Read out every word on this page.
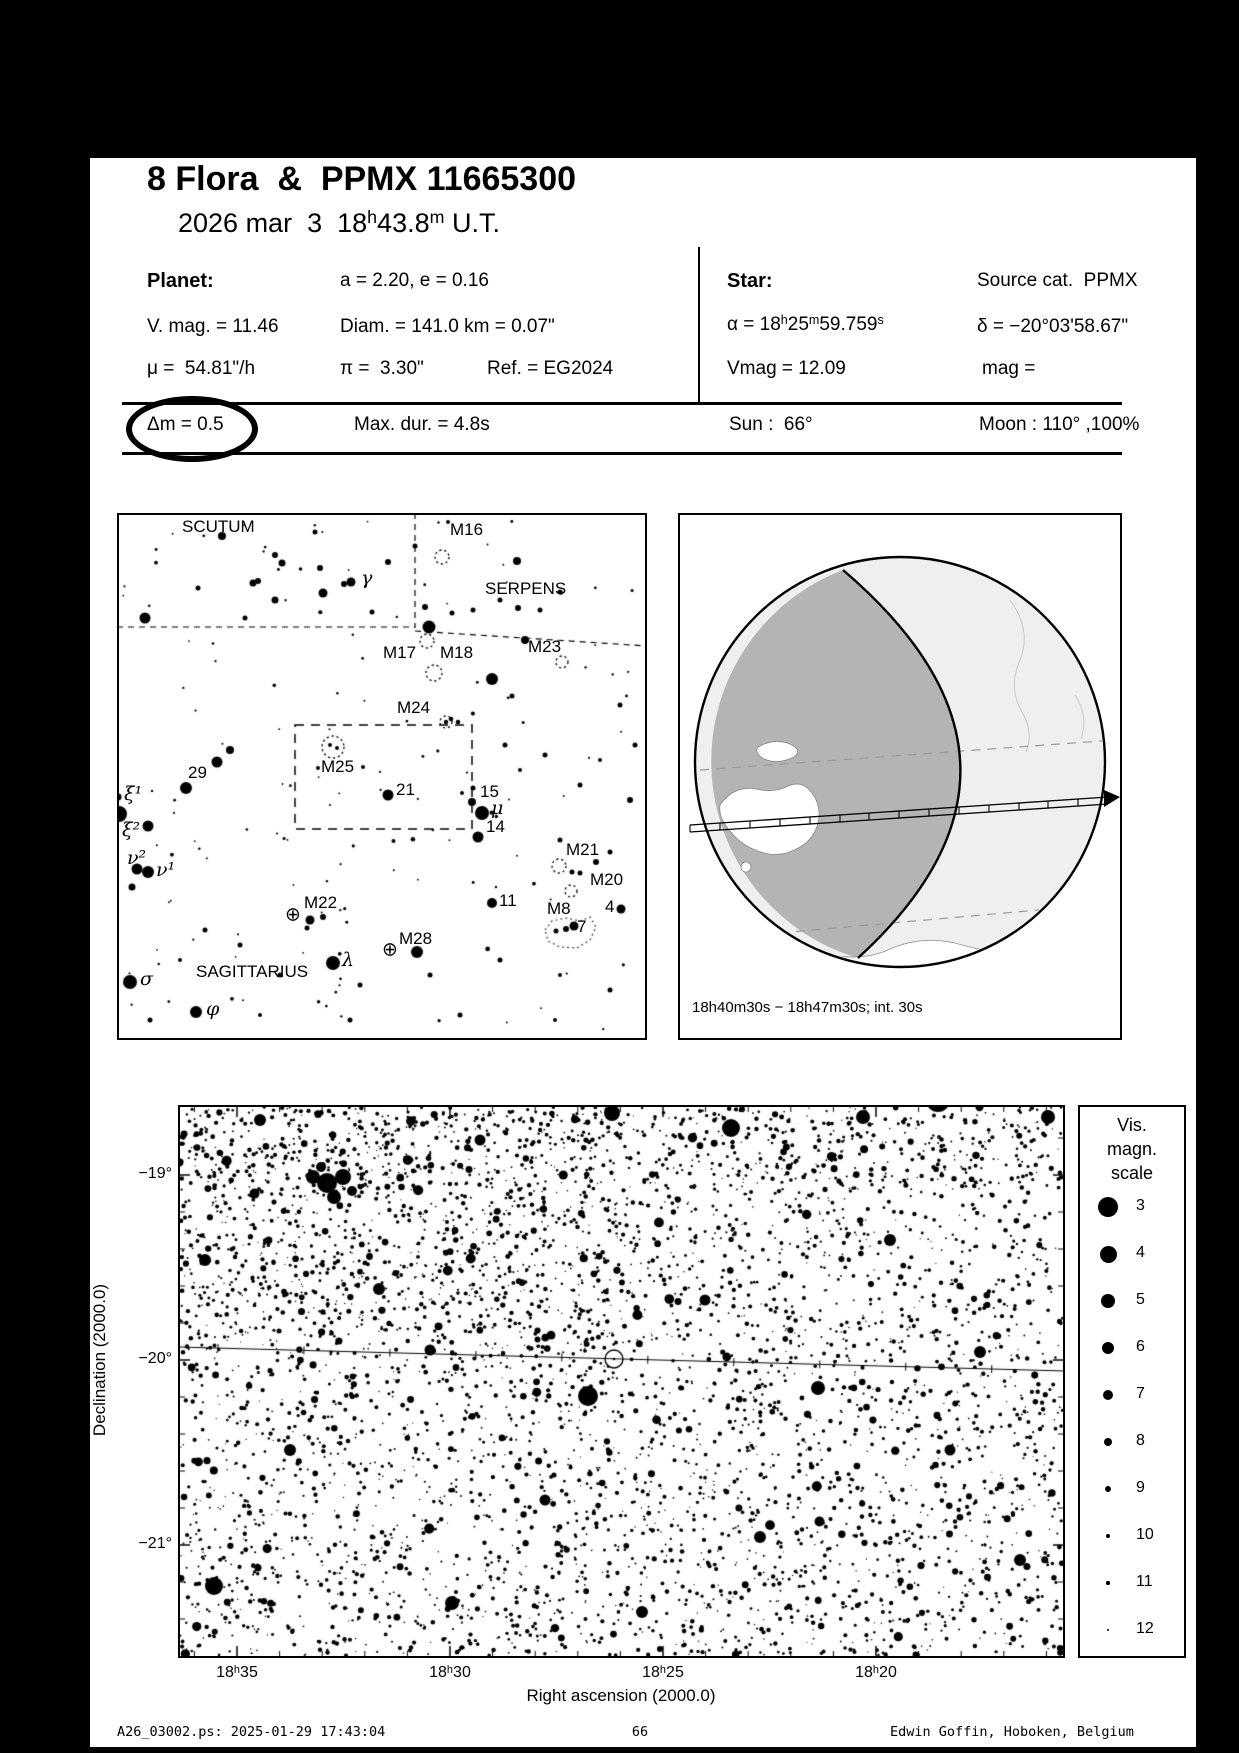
8 Flora  &  PPMX 11665300
2026 mar  3  18$^h$43.8$^m$ U.T.
Planet:	a = 2.20, e = 0.16	Star:	Source cat.  PPMX
V. mag. = 11.46	Diam. = 141.0 km = 0.07"	$\alpha = 18^h25^m59.759^s$	δ = −20°03'58.67"
μ =  54.81"/h	π =  3.30"	Ref. = EG2024	Vmag = 12.09	mag =
Δm = 0.5	Max. dur. = 4.8s	Sun :  66°	Moon : 110° ,100%
SCUTUM
SERPENS
SAGITTARIUS
M16
M17 M18
M24
M23
M25
M21
M20
M22
M28
M8
29
21	15
14
11	4
7
γ
ξ¹
ξ²
ν²
ν¹
μ
λ
σ
φ
⊕
⊕
18h40m30s − 18h47m30s; int. 30s
Vis.
magn.
scale
3
4
5
6
7
8
9
10
11
12
18ʰ35	18ʰ30	18ʰ25	18ʰ20
−19°
−20°
−21°
Right ascension (2000.0)
Declination (2000.0)
A26_03002.ps: 2025-01-29 17:43:04	66	Edwin Goffin, Hoboken, Belgium
